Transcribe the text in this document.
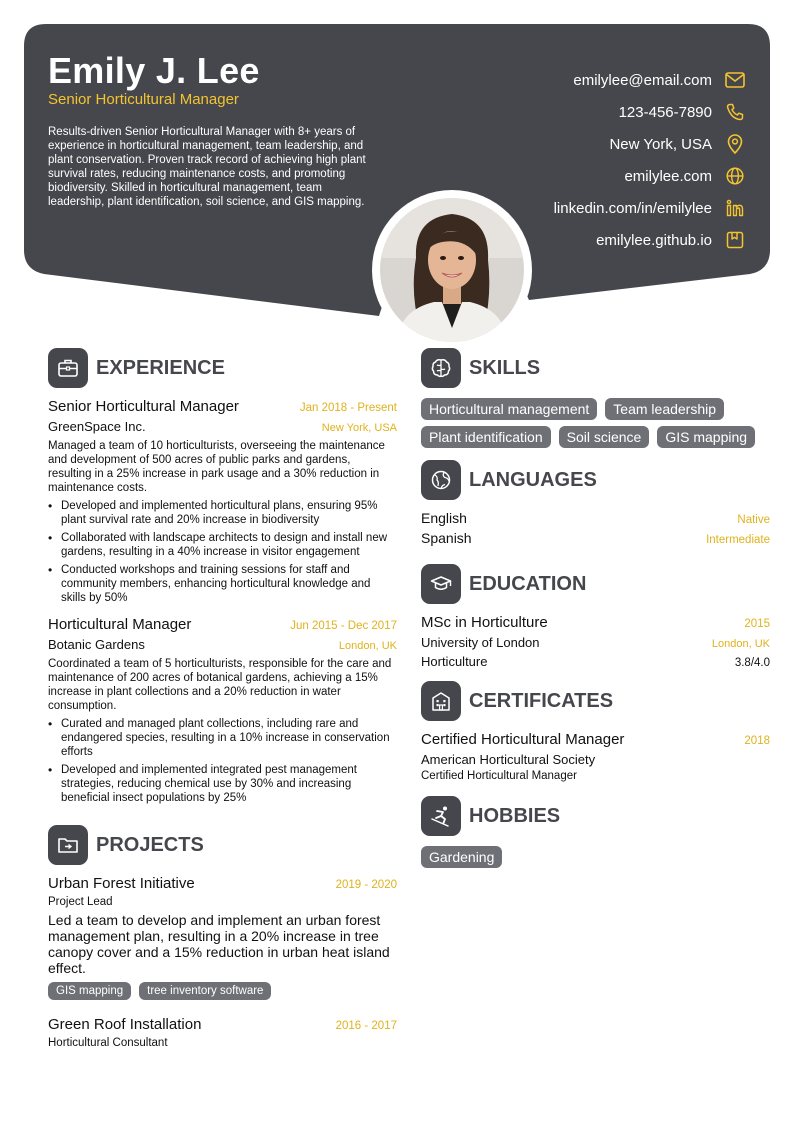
Emily J. Lee
Senior Horticultural Manager
Results-driven Senior Horticultural Manager with 8+ years of experience in horticultural management, team leadership, and plant conservation. Proven track record of achieving high plant survival rates, reducing maintenance costs, and promoting biodiversity. Skilled in horticultural management, team leadership, plant identification, soil science, and GIS mapping.
emilylee@email.com
123-456-7890
New York, USA
emilylee.com
linkedin.com/in/emilylee
emilylee.github.io
EXPERIENCE
Senior Horticultural Manager	Jan 2018 - Present
GreenSpace Inc.	New York, USA
Managed a team of 10 horticulturists, overseeing the maintenance and development of 500 acres of public parks and gardens, resulting in a 25% increase in park usage and a 30% reduction in maintenance costs.
• Developed and implemented horticultural plans, ensuring 95% plant survival rate and 20% increase in biodiversity
• Collaborated with landscape architects to design and install new gardens, resulting in a 40% increase in visitor engagement
• Conducted workshops and training sessions for staff and community members, enhancing horticultural knowledge and skills by 50%
Horticultural Manager	Jun 2015 - Dec 2017
Botanic Gardens	London, UK
Coordinated a team of 5 horticulturists, responsible for the care and maintenance of 200 acres of botanical gardens, achieving a 15% increase in plant collections and a 20% reduction in water consumption.
• Curated and managed plant collections, including rare and endangered species, resulting in a 10% increase in conservation efforts
• Developed and implemented integrated pest management strategies, reducing chemical use by 30% and increasing beneficial insect populations by 25%
PROJECTS
Urban Forest Initiative	2019 - 2020
Project Lead
Led a team to develop and implement an urban forest management plan, resulting in a 20% increase in tree canopy cover and a 15% reduction in urban heat island effect.
GIS mapping	tree inventory software
Green Roof Installation	2016 - 2017
Horticultural Consultant
SKILLS
Horticultural management	Team leadership
Plant identification	Soil science	GIS mapping
LANGUAGES
English	Native
Spanish	Intermediate
EDUCATION
MSc in Horticulture	2015
University of London	London, UK
Horticulture	3.8/4.0
CERTIFICATES
Certified Horticultural Manager	2018
American Horticultural Society
Certified Horticultural Manager
HOBBIES
Gardening
